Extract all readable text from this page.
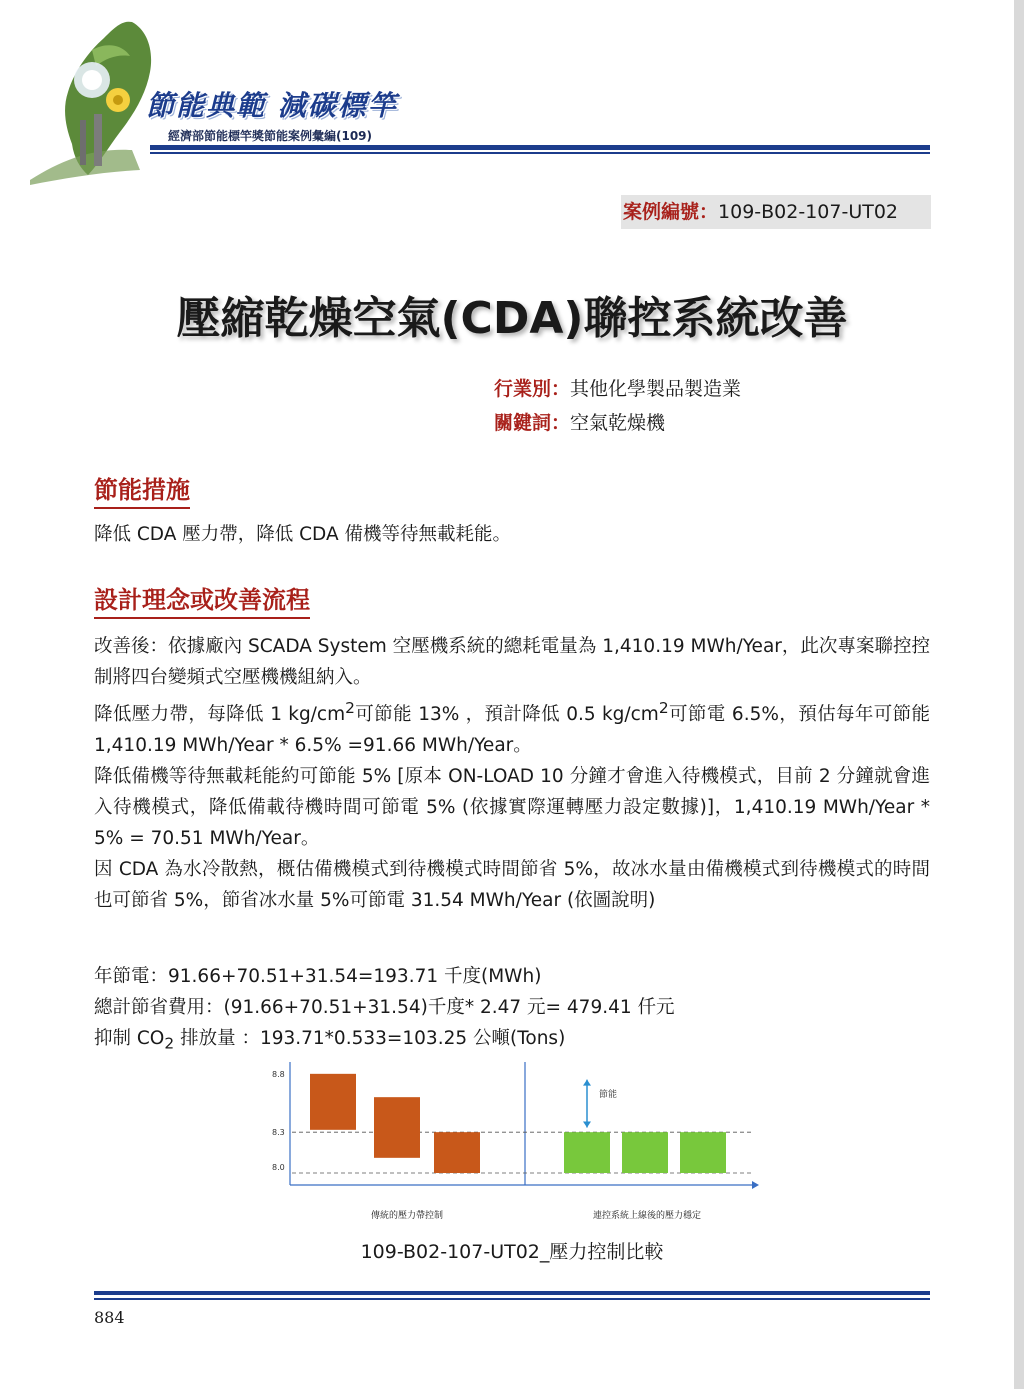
節能典範 減碳標竿
經濟部節能標竿獎節能案例彙編(109)
案例編號：109-B02-107-UT02
壓縮乾燥空氣(CDA)聯控系統改善
行業別：其他化學製品製造業
關鍵詞：空氣乾燥機
節能措施
降低 CDA 壓力帶，降低 CDA 備機等待無載耗能。
設計理念或改善流程

改善後：依據廠內 SCADA System 空壓機系統的總耗電量為 1,410.19 MWh/Year，此次專案聯控控制將四台變頻式空壓機機組納入。

降低壓力帶，每降低 1 $kg/cm^2$可節能 13% ，預計降低 0.5 $kg/cm^2$可節電 6.5%，預估每年可節能 1,410.19 MWh/Year * 6.5% =91.66 MWh/Year。

降低備機等待無載耗能約可節能 5% [原本 ON-LOAD 10 分鐘才會進入待機模式，目前 2 分鐘就會進入待機模式，降低備載待機時間可節電 5% (依據實際運轉壓力設定數據)]，1,410.19 MWh/Year * 5% = 70.51 MWh/Year。

因 CDA 為水冷散熱，概估備機模式到待機模式時間節省 5%，故冰水量由備機模式到待機模式的時間也可節省 5%，節省冰水量 5%可節電 31.54 MWh/Year (依圖說明)

年節電：91.66+70.51+31.54=193.71 千度(MWh)

總計節省費用：(91.66+70.51+31.54)千度* 2.47 元= 479.41 仟元

抑制 $CO_2$ 排放量 ：193.71*0.533=103.25 公噸(Tons)

8.8
8.3
8.0
節能
傳統的壓力帶控制	連控系統上線後的壓力穩定
109-B02-107-UT02_壓力控制比較
884
